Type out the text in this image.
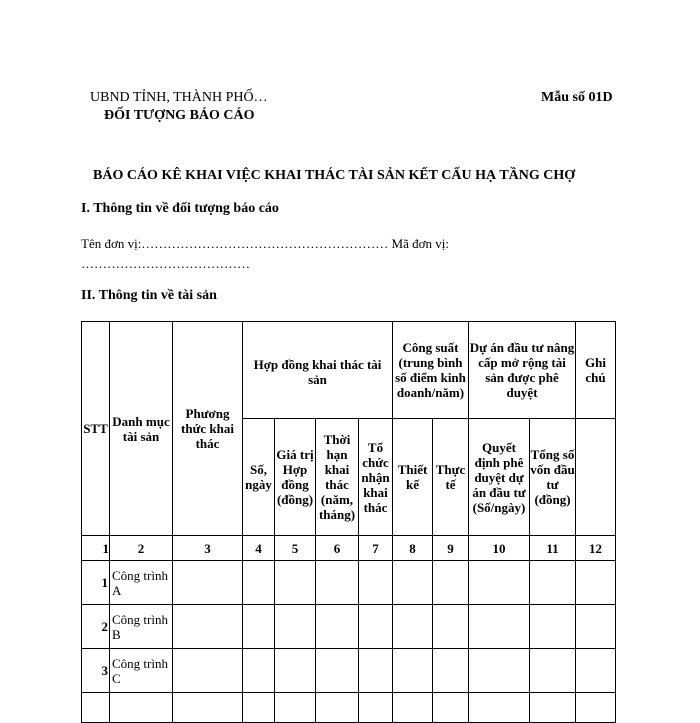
UBND TỈNH, THÀNH PHỐ…
ĐỐI TƯỢNG BÁO CÁO
Mẫu số 01D
BÁO CÁO KÊ KHAI VIỆC KHAI THÁC TÀI SẢN KẾT CẤU HẠ TẦNG CHỢ
I. Thông tin về đối tượng báo cáo
Tên đơn vị:………………………………………………… Mã đơn vị:
…………………………………
II. Thông tin về tài sản
STT	Danh mục tài sản	Phương thức khai thác	Hợp đồng khai thác tài sản				Công suất (trung bình số điểm kinh doanh/năm)		Dự án đầu tư nâng cấp mở rộng tài sản được phê duyệt		Ghi chú
			Số, ngày	Giá trị Hợp đồng (đồng)	Thời hạn khai thác (năm, tháng)	Tổ chức nhận khai thác	Thiết kế	Thực tế	Quyết định phê duyệt dự án đầu tư (Số/ngày)	Tổng số vốn đầu tư (đồng)	
1	2	3	4	5	6	7	8	9	10	11	12
1	Công trình A										
2	Công trình B										
3	Công trình C										
